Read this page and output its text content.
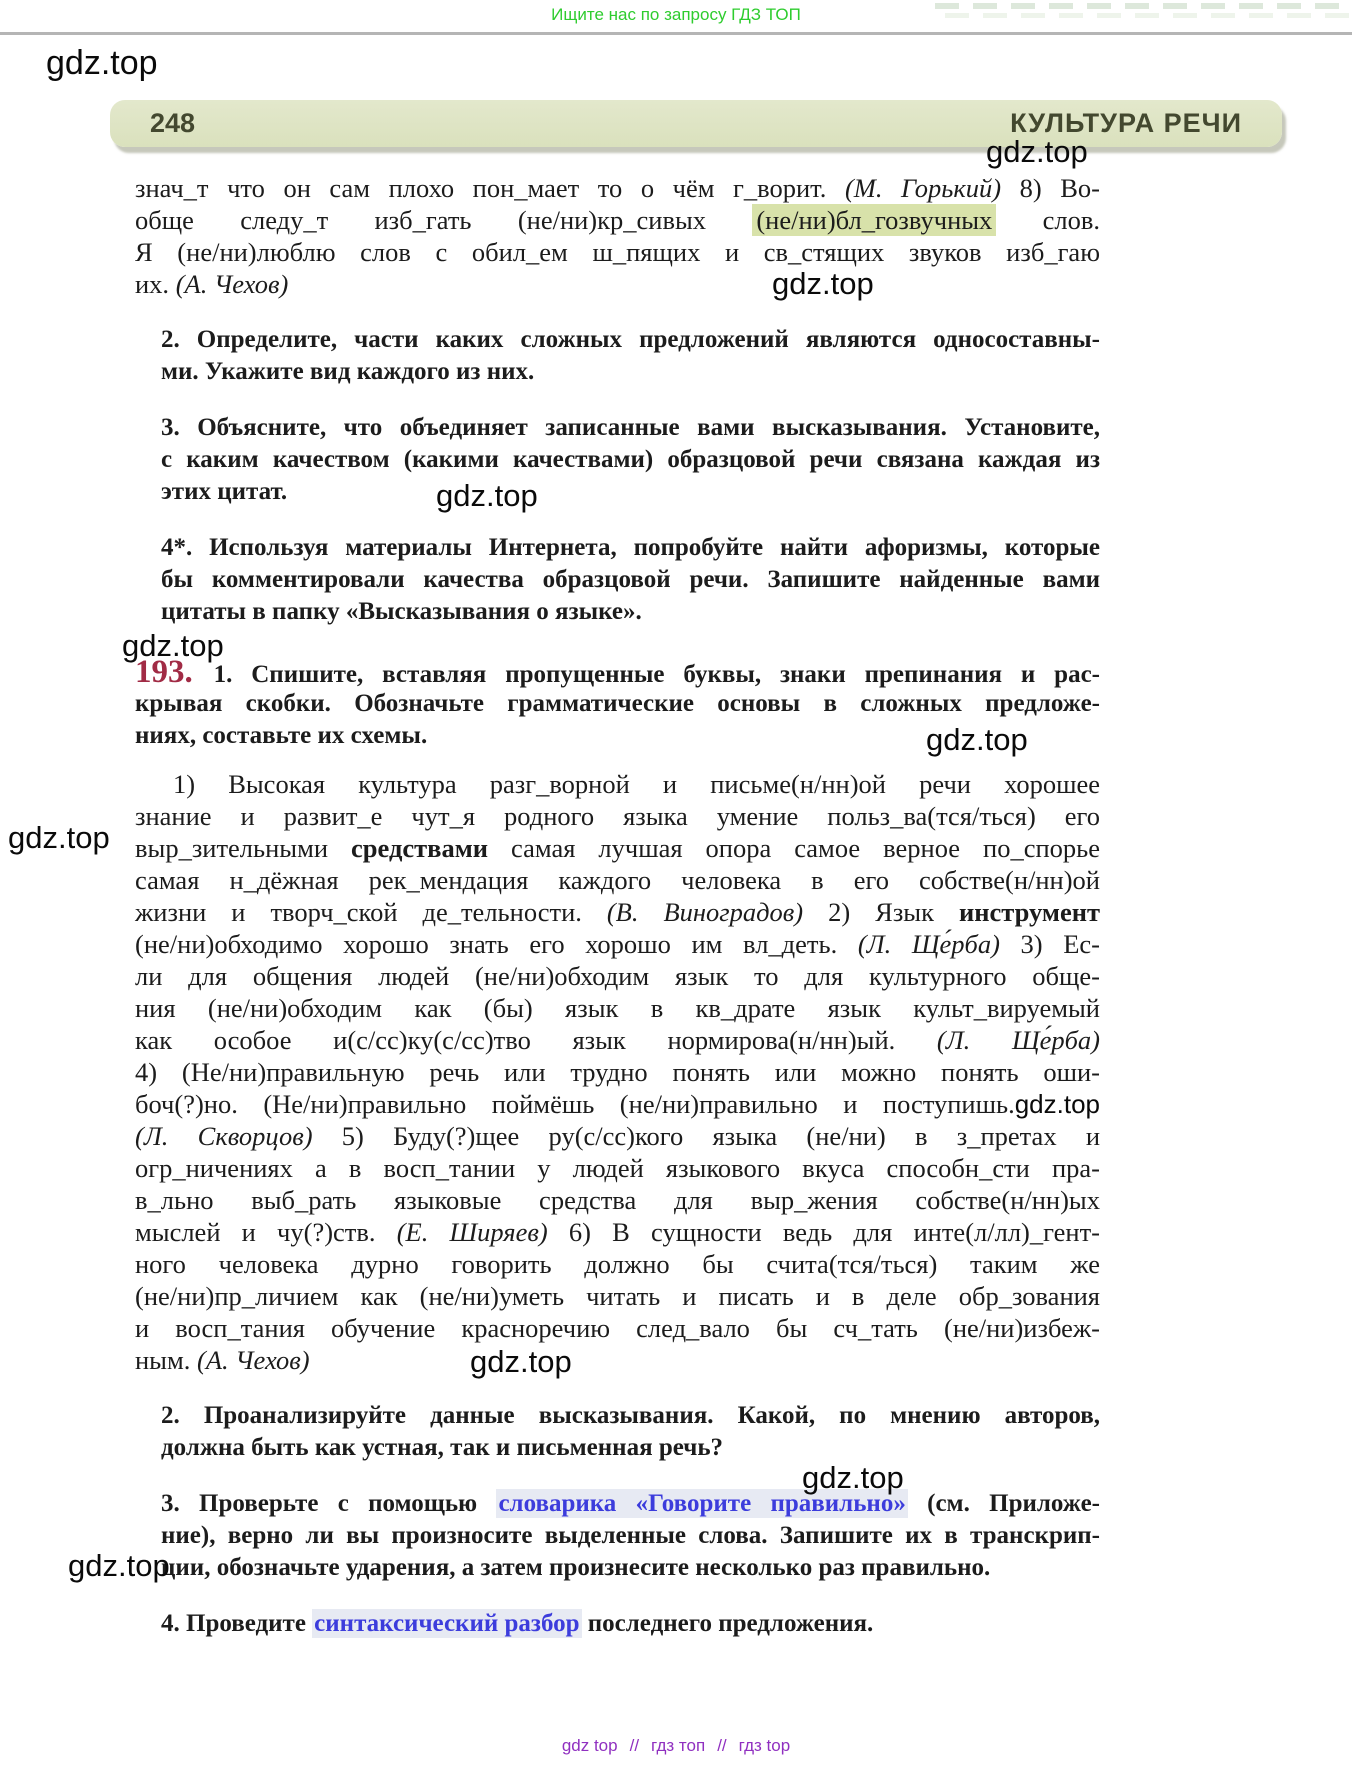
Ищите нас по запросу ГДЗ ТОП
248	КУЛЬТУРА РЕЧИ
знач_т что он сам плохо пон_мает то о чём г_ворит. (М. Горький) 8) Во-
обще следу_т изб_гать (не/ни)кр_сивых (не/ни)бл_гозвучных слов.
Я (не/ни)люблю слов с обил_ем ш_пящих и св_стящих звуков изб_гаю
их. (А. Чехов)
2. Определите, части каких сложных предложений являются односоставны-
ми. Укажите вид каждого из них.
3. Объясните, что объединяет записанные вами высказывания. Установите,
с каким качеством (какими качествами) образцовой речи связана каждая из
этих цитат.
4*. Используя материалы Интернета, попробуйте найти афоризмы, которые
бы комментировали качества образцовой речи. Запишите найденные вами
цитаты в папку «Высказывания о языке».
193. 1. Спишите, вставляя пропущенные буквы, знаки препинания и рас-
крывая скобки. Обозначьте грамматические основы в сложных предложе-
ниях, составьте их схемы.
1) Высокая культура разг_ворной и письме(н/нн)ой речи хорошее
знание и развит_е чут_я родного языка умение польз_ва(тся/ться) его
выр_зительными средствами самая лучшая опора самое верное по_спорье
самая н_дёжная рек_мендация каждого человека в его собстве(н/нн)ой
жизни и творч_ской де_тельности. (В. Виноградов) 2) Язык инструмент
(не/ни)обходимо хорошо знать его хорошо им вл_деть. (Л. Ще́рба) 3) Ес-
ли для общения людей (не/ни)обходим язык то для культурного обще-
ния (не/ни)обходим как (бы) язык в кв_драте язык культ_вируемый
как особое и(с/сс)ку(с/сс)тво язык нормирова(н/нн)ый. (Л. Ще́рба)
4) (Не/ни)правильную речь или трудно понять или можно понять оши-
боч(?)но. (Не/ни)правильно поймёшь (не/ни)правильно и поступишь.gdz.top
(Л. Скворцов) 5) Буду(?)щее ру(с/сс)кого языка (не/ни) в з_претах и
огр_ничениях а в восп_тании у людей языкового вкуса способн_сти пра-
в_льно выб_рать языковые средства для выр_жения собстве(н/нн)ых
мыслей и чу(?)ств. (Е. Ширяев) 6) В сущности ведь для инте(л/лл)_гент-
ного человека дурно говорить должно бы счита(тся/ться) таким же
(не/ни)пр_личием как (не/ни)уметь читать и писать и в деле обр_зования
и восп_тания обучение красноречию след_вало бы сч_тать (не/ни)избеж-
ным. (А. Чехов)
2. Проанализируйте данные высказывания. Какой, по мнению авторов,
должна быть как устная, так и письменная речь?
3. Проверьте с помощью словарика «Говорите правильно» (см. Приложе-
ние), верно ли вы произносите выделенные слова. Запишите их в транскрип-
ции, обозначьте ударения, а затем произнесите несколько раз правильно.
4. Проведите синтаксический разбор последнего предложения.
gdz top // гдз топ // гдз top
gdz.top
gdz.top
gdz.top
gdz.top
gdz.top
gdz.top
gdz.top
gdz.top
gdz.top
gdz.top
